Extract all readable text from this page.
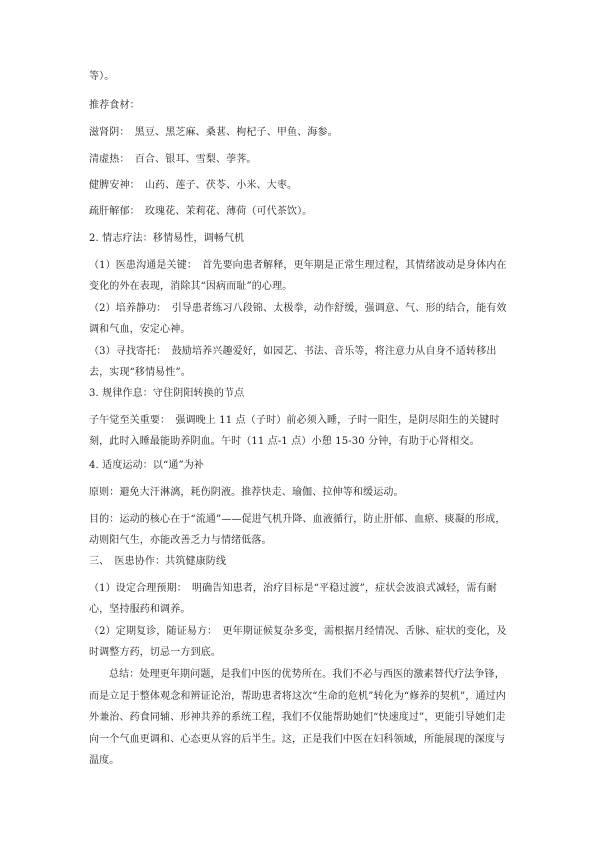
等）。
推荐食材：
滋肾阴：　黑豆、黑芝麻、桑葚、枸杞子、甲鱼、海参。
清虚热：　百合、银耳、雪梨、荸荠。
健脾安神：　山药、莲子、茯苓、小米、大枣。
疏肝解郁：　玫瑰花、茉莉花、薄荷（可代茶饮）。
2. 情志疗法：移情易性，调畅气机
（1）医患沟通是关键：　首先要向患者解释，更年期是正常生理过程，其情绪波动是身体内在变化的外在表现，消除其“因病而耻”的心理。
（2）培养静功：　引导患者练习八段锦、太极拳，动作舒缓，强调意、气、形的结合，能有效调和气血，安定心神。
（3）寻找寄托：　鼓励培养兴趣爱好，如园艺、书法、音乐等，将注意力从自身不适转移出去，实现“移情易性”。
3. 规律作息：守住阴阳转换的节点
子午觉至关重要：　强调晚上 11 点（子时）前必须入睡，子时一阳生，是阴尽阳生的关键时刻，此时入睡最能助养阴血。午时（11 点-1 点）小憩 15-30 分钟，有助于心肾相交。
4. 适度运动：以“通”为补
原则：避免大汗淋漓，耗伤阴液。推荐快走、瑜伽、拉伸等和缓运动。
目的：运动的核心在于“流通”——促进气机升降、血液循行，防止肝郁、血瘀、痰凝的形成，动则阳气生，亦能改善乏力与情绪低落。
三、　医患协作：共筑健康防线
（1）设定合理预期：　明确告知患者，治疗目标是“平稳过渡”，症状会波浪式减轻，需有耐心，坚持服药和调养。
（2）定期复诊，随证易方：　更年期证候复杂多变，需根据月经情况、舌脉、症状的变化，及时调整方药，切忌一方到底。
总结：处理更年期问题，是我们中医的优势所在。我们不必与西医的激素替代疗法争锋，而是立足于整体观念和辨证论治，帮助患者将这次“生命的危机”转化为“修养的契机”，通过内外兼治、药食同辅、形神共养的系统工程，我们不仅能帮助她们“快速度过”，更能引导她们走向一个气血更调和、心态更从容的后半生。这，正是我们中医在妇科领域，所能展现的深度与温度。
